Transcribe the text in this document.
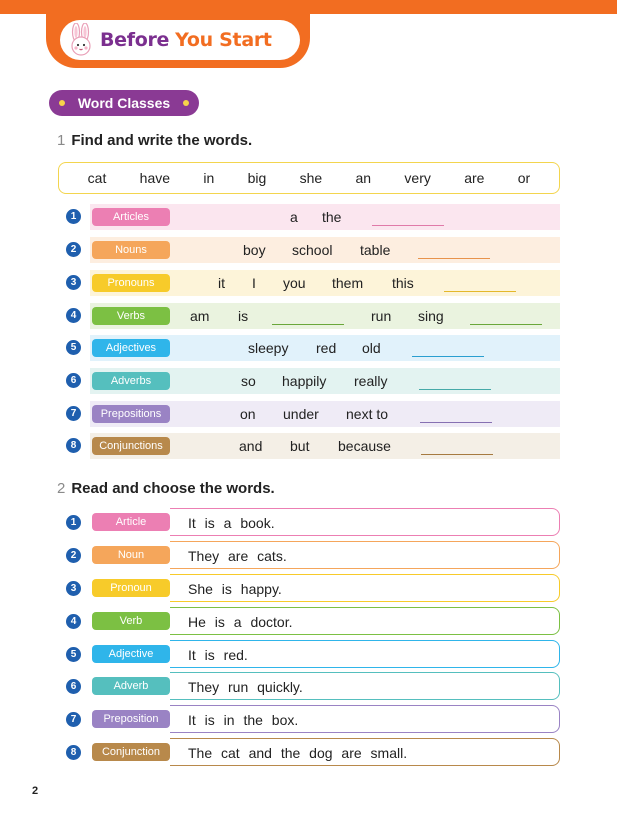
Before You Start
Word Classes
1 Find and write the words.
cat have in big she an very are or
1	Articles	a the
2	Nouns	boy school table
3	Pronouns	it I you them this
4	Verbs	am is	run sing
5	Adjectives	sleepy red old
6	Adverbs	so happily really
7	Prepositions	on under next to
8	Conjunctions	and but because
2 Read and choose the words.
1	Article	It is a book.
2	Noun	They are cats.
3	Pronoun	She is happy.
4	Verb	He is a doctor.
5	Adjective	It is red.
6	Adverb	They run quickly.
7	Preposition	It is in the box.
8	Conjunction	The cat and the dog are small.
2
